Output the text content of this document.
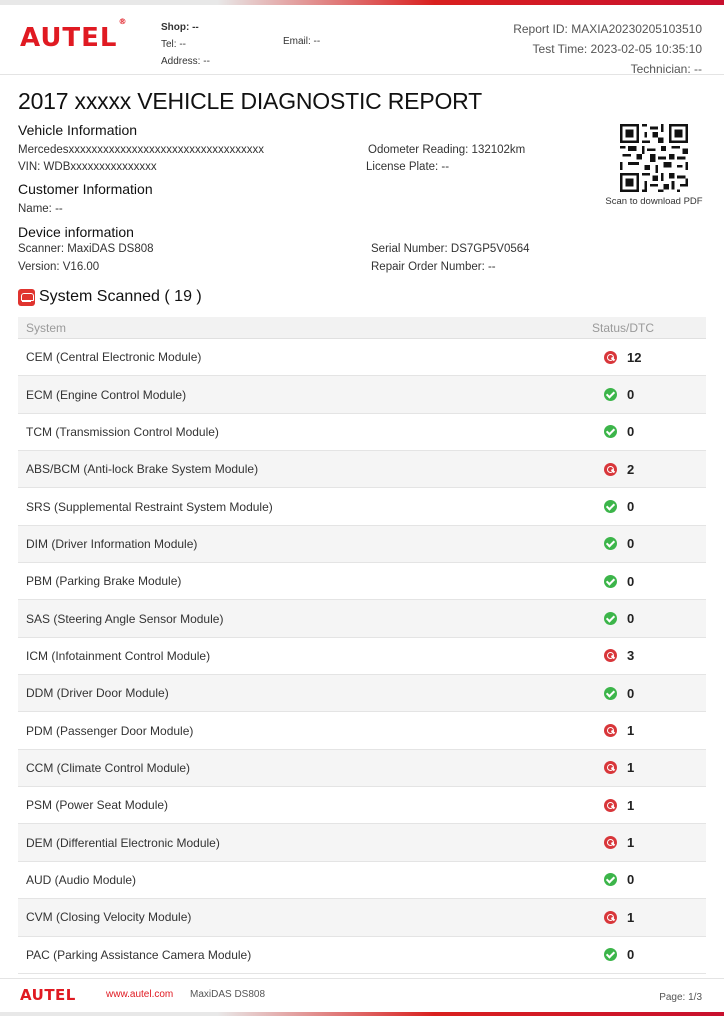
AUTEL®
Shop: --
Tel: --
Address: --
Email: --
Report ID: MAXIA20230205103510
Test Time: 2023-02-05 10:35:10
Technician: --
2017 xxxxx VEHICLE DIAGNOSTIC REPORT
Vehicle Information
Mercedesxxxxxxxxxxxxxxxxxxxxxxxxxxxxxxxxxx
VIN: WDBxxxxxxxxxxxxxxx
Odometer Reading: 132102km
License Plate: --
Customer Information
Name: --
Device information
Scanner: MaxiDAS DS808
Version: V16.00
Serial Number: DS7GP5V0564
Repair Order Number: --
Scan to download PDF
System Scanned ( 19 )
System	Status/DTC
CEM (Central Electronic Module)	12
ECM (Engine Control Module)	0
TCM (Transmission Control Module)	0
ABS/BCM (Anti-lock Brake System Module)	2
SRS (Supplemental Restraint System Module)	0
DIM (Driver Information Module)	0
PBM (Parking Brake Module)	0
SAS (Steering Angle Sensor Module)	0
ICM (Infotainment Control Module)	3
DDM (Driver Door Module)	0
PDM (Passenger Door Module)	1
CCM (Climate Control Module)	1
PSM (Power Seat Module)	1
DEM (Differential Electronic Module)	1
AUD (Audio Module)	0
CVM (Closing Velocity Module)	1
PAC (Parking Assistance Camera Module)	0
AUTEL	www.autel.com MaxiDAS DS808	Page: 1/3
